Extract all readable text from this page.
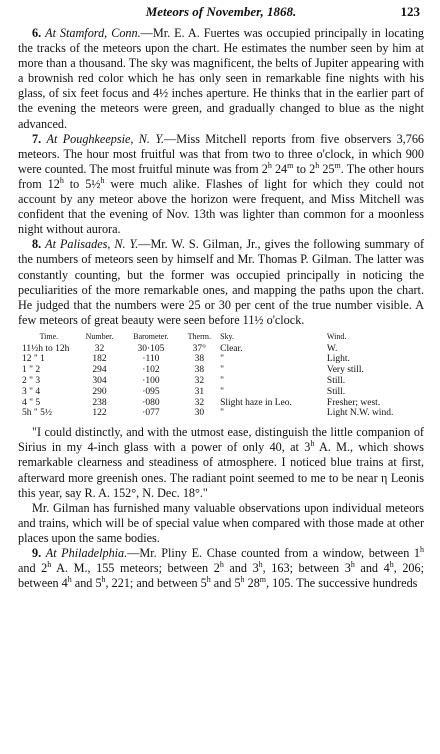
Meteors of November, 1868.	123

6. At Stamford, Conn.—Mr. E. A. Fuertes was occupied principally in locating the tracks of the meteors upon the chart. He estimates the number seen by him at more than a thousand. The sky was magnificent, the belts of Jupiter appearing with a brownish red color which he has only seen in remarkable fine nights with his glass, of six feet focus and 4½ inches aperture. He thinks that in the earlier part of the evening the meteors were green, and gradually changed to blue as the night advanced.

7. At Poughkeepsie, N. Y.—Miss Mitchell reports from five observers 3,766 meteors. The hour most fruitful was that from two to three o'clock, in which 900 were counted. The most fruitful minute was from 2$^h$ 24$^m$ to 2$^h$ 25$^m$. The other hours from 12$^h$ to 5½$^h$ were much alike. Flashes of light for which they could not account by any meteor above the horizon were frequent, and Miss Mitchell was confident that the evening of Nov. 13th was lighter than common for a moonless night without aurora.

8. At Palisades, N. Y.—Mr. W. S. Gilman, Jr., gives the following summary of the numbers of meteors seen by himself and Mr. Thomas P. Gilman. The latter was constantly counting, but the former was occupied principally in noticing the peculiarities of the more remarkable ones, and mapping the paths upon the chart. He judged that the numbers were 25 or 30 per cent of the true number visible. A few meteors of great beauty were seen before 11½ o'clock.

Time.	Number.	Barometer.	Therm.	Sky.	Wind.
11½h to 12h	32	30·105	37°	Clear.	W.
12 " 1	182	·110	38	"	Light.
1 " 2	294	·102	38	"	Very still.
2 " 3	304	·100	32	"	Still.
3 " 4	290	·095	31	"	Still.
4 " 5	238	·080	32	Slight haze in Leo.	Fresher; west.
5h " 5½	122	·077	30	"	Light N.W. wind.

"I could distinctly, and with the utmost ease, distinguish the little companion of Sirius in my 4-inch glass with a power of only 40, at 3$^h$ A. M., which shows remarkable clearness and steadiness of atmosphere. I noticed blue trains at first, afterward more greenish ones. The radiant point seemed to me to be near η Leonis this year, say R. A. 152°, N. Dec. 18°."

Mr. Gilman has furnished many valuable observations upon individual meteors and trains, which will be of special value when compared with those made at other places upon the same bodies.

9. At Philadelphia.—Mr. Pliny E. Chase counted from a window, between 1$^h$ and 2$^h$ A. M., 155 meteors; between 2$^h$ and 3$^h$, 163; between 3$^h$ and 4$^h$, 206; between 4$^h$ and 5$^h$, 221; and between 5$^h$ and 5$^h$ 28$^m$, 105. The successive hundreds
